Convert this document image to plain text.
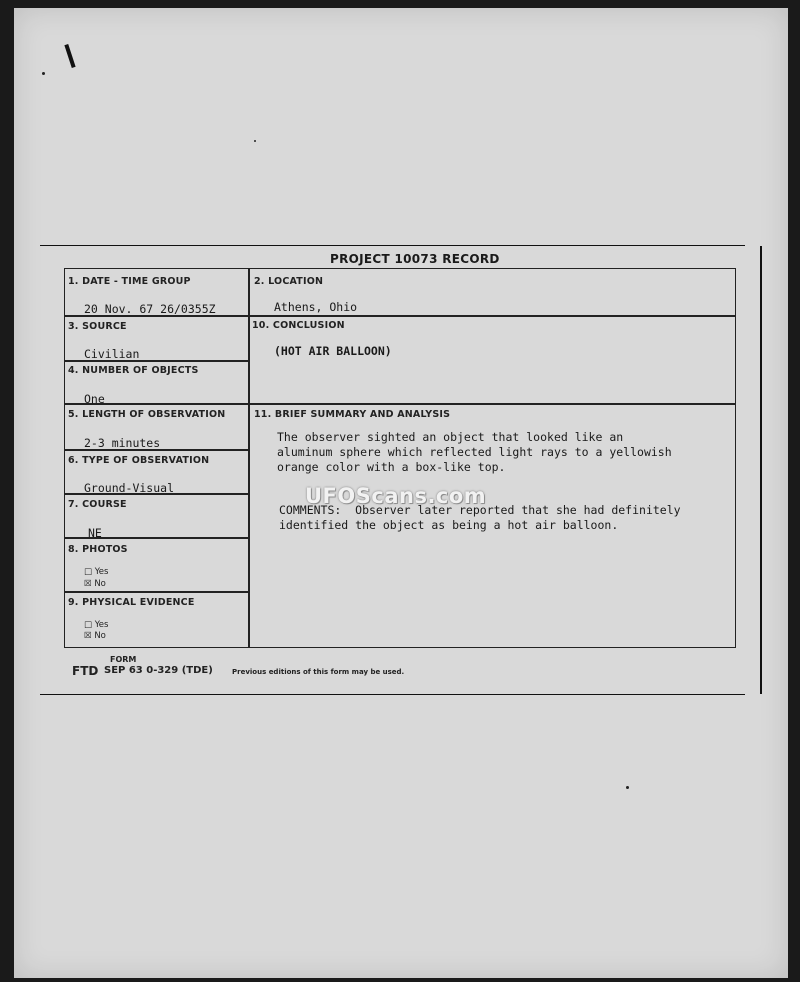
PROJECT 10073 RECORD
1. DATE - TIME GROUP
20 Nov. 67 26/0355Z
2. LOCATION
Athens, Ohio
3. SOURCE
Civilian
10. CONCLUSION
(HOT AIR BALLOON)
4. NUMBER OF OBJECTS
One
5. LENGTH OF OBSERVATION
2-3 minutes
11. BRIEF SUMMARY AND ANALYSIS
6. TYPE OF OBSERVATION
Ground-Visual
7. COURSE
NE
8. PHOTOS
□ Yes
☒ No
9. PHYSICAL EVIDENCE
□ Yes
☒ No
The observer sighted an object that looked like an
aluminum sphere which reflected light rays to a yellowish
orange color with a box-like top.
COMMENTS:  Observer later reported that she had definitely
identified the object as being a hot air balloon.
UFOScans.com
FORM
FTD SEP 63 0-329 (TDE)	Previous editions of this form may be used.
